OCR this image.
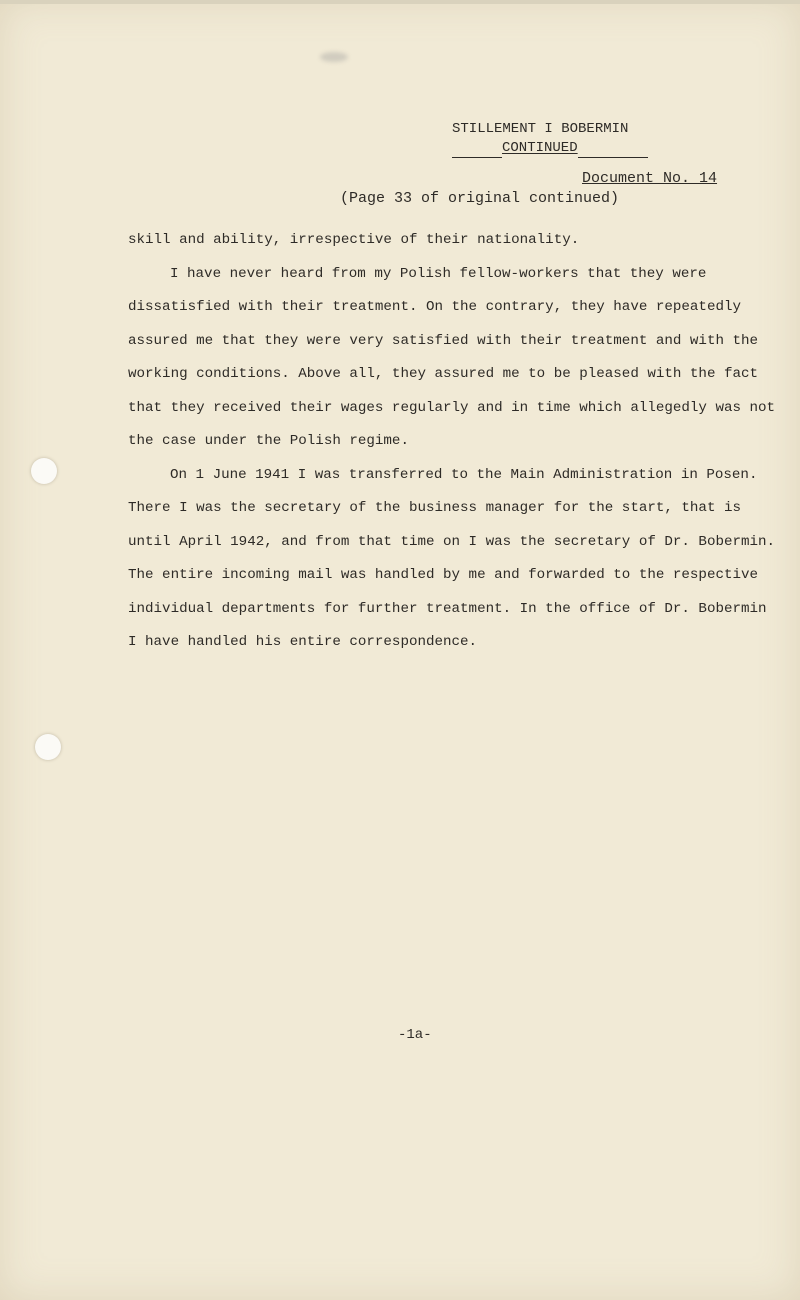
STILLEMENT I BOBERMIN
CONTINUED
Document No. 14
(Page 33 of original continued)

skill and ability, irrespective of their nationality.

I have never heard from my Polish fellow-workers that they were dissatisfied with their treatment. On the contrary, they have repeatedly assured me that they were very satisfied with their treatment and with the working conditions. Above all, they assured me to be pleased with the fact that they received their wages regularly and in time which allegedly was not the case under the Polish regime.

On 1 June 1941 I was transferred to the Main Administration in Posen. There I was the secretary of the business manager for the start, that is until April 1942, and from that time on I was the secretary of Dr. Bobermin. The entire incoming mail was handled by me and forwarded to the respective individual departments for further treatment. In the office of Dr. Bobermin I have handled his entire correspondence.

-1a-
